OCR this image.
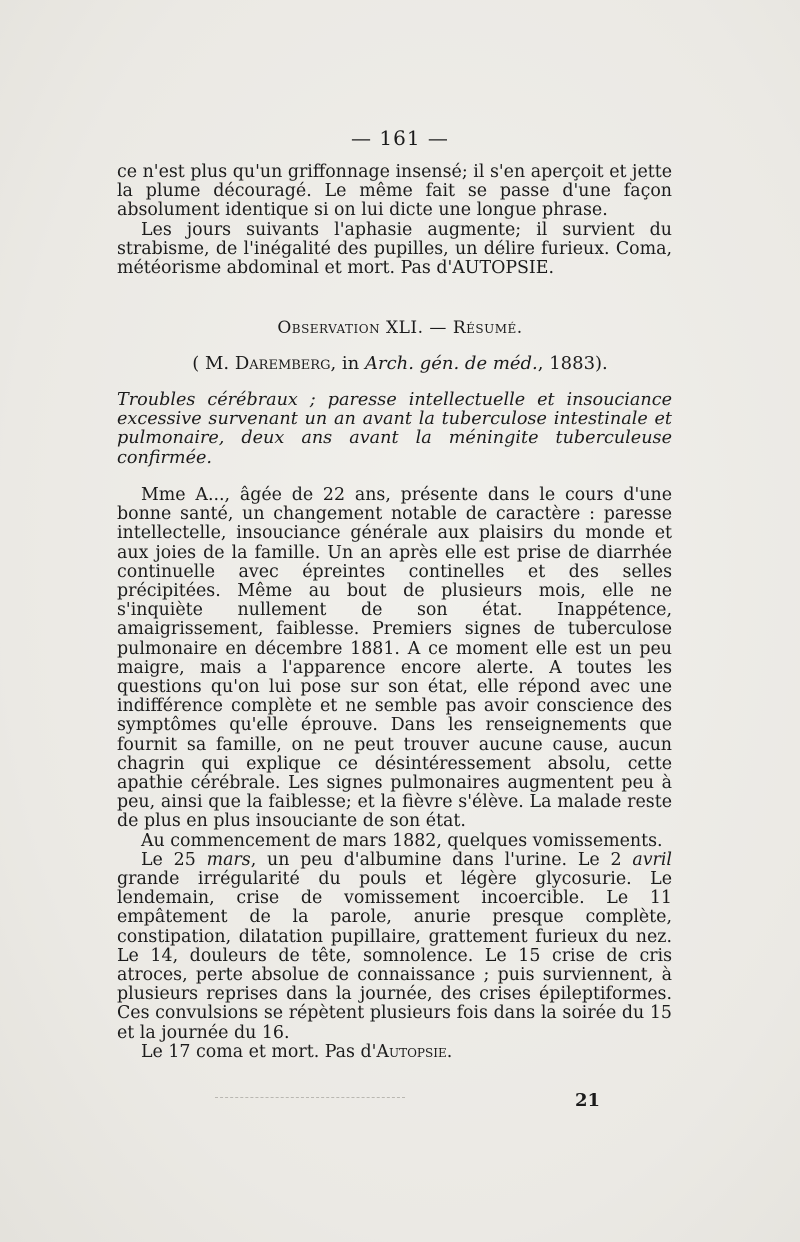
— 161 —

ce n'est plus qu'un griffonnage insensé; il s'en aperçoit et jette la plume découragé. Le même fait se passe d'une façon absolument identique si on lui dicte une longue phrase.

Les jours suivants l'aphasie augmente; il survient du strabisme, de l'inégalité des pupilles, un délire furieux. Coma, météorisme abdominal et mort. Pas d'AUTOPSIE.

Observation XLI. — Résumé.
( M. Daremberg, in Arch. gén. de méd., 1883).

Troubles cérébraux ; paresse intellectuelle et insouciance excessive survenant un an avant la tuberculose intestinale et pulmonaire, deux ans avant la méningite tuberculeuse confirmée.

Mme A..., âgée de 22 ans, présente dans le cours d'une bonne santé, un changement notable de caractère : paresse intellectelle, insouciance générale aux plaisirs du monde et aux joies de la famille. Un an après elle est prise de diarrhée continuelle avec épreintes continelles et des selles précipitées. Même au bout de plusieurs mois, elle ne s'inquiète nullement de son état. Inappétence, amaigrissement, faiblesse. Premiers signes de tuberculose pulmonaire en décembre 1881. A ce moment elle est un peu maigre, mais a l'apparence encore alerte. A toutes les questions qu'on lui pose sur son état, elle répond avec une indifférence complète et ne semble pas avoir conscience des symptômes qu'elle éprouve. Dans les renseignements que fournit sa famille, on ne peut trouver aucune cause, aucun chagrin qui explique ce désintéressement absolu, cette apathie cérébrale. Les signes pulmonaires augmentent peu à peu, ainsi que la faiblesse; et la fièvre s'élève. La malade reste de plus en plus insouciante de son état.

Au commencement de mars 1882, quelques vomissements.

Le 25 mars, un peu d'albumine dans l'urine. Le 2 avril grande irrégularité du pouls et légère glycosurie. Le lendemain, crise de vomissement incoercible. Le 11 empâtement de la parole, anurie presque complète, constipation, dilatation pupillaire, grattement furieux du nez. Le 14, douleurs de tête, somnolence. Le 15 crise de cris atroces, perte absolue de connaissance ; puis surviennent, à plusieurs reprises dans la journée, des crises épileptiformes. Ces convulsions se répètent plusieurs fois dans la soirée du 15 et la journée du 16.

Le 17 coma et mort. Pas d'Autopsie.

21
